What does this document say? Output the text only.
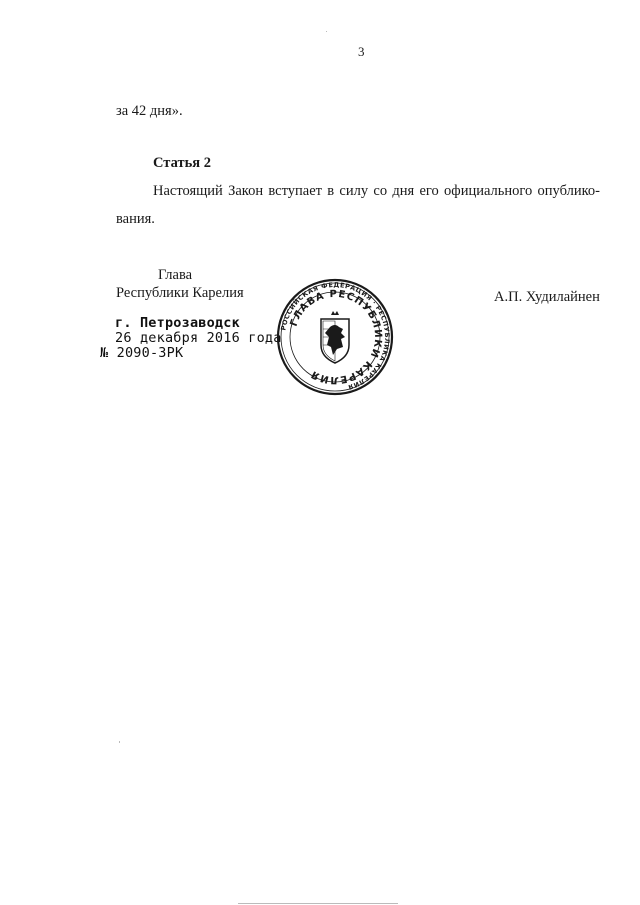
3
за 42 дня».
Статья 2
Настоящий Закон вступает в силу со дня его официального опублико-
вания.
Глава
Республики Карелия	А.П. Худилайнен
г. Петрозаводск
26 декабря 2016 года
№ 2090-ЗРК
РОССИЙСКАЯ ФЕДЕРАЦИЯ · РЕСПУБЛИКА КАРЕЛИЯ
ГЛАВА РЕСПУБЛИКИ КАРЕЛИЯ
